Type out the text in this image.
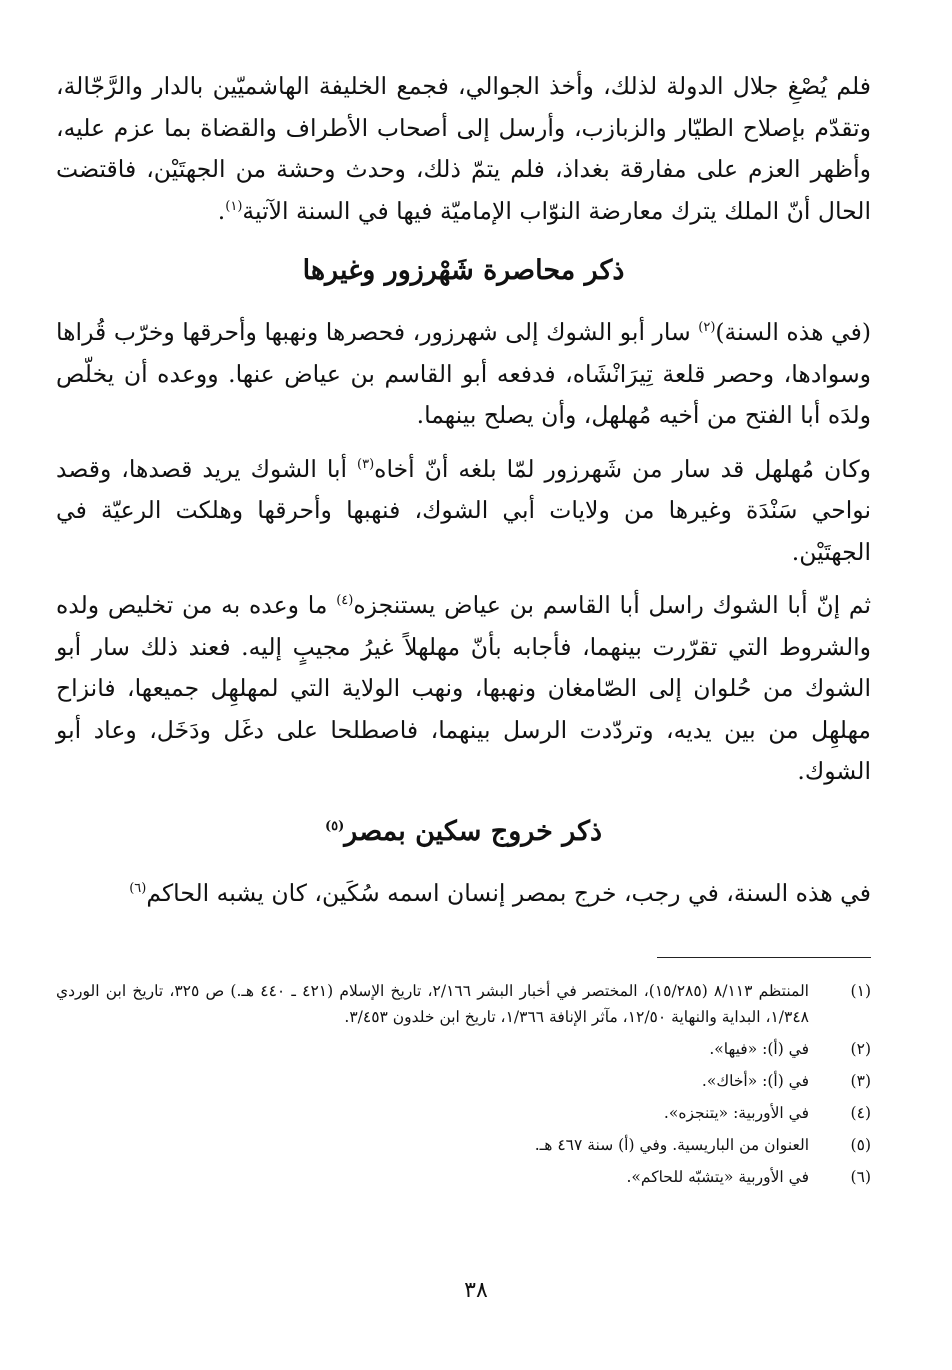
فلم يُصْغِ جلال الدولة لذلك، وأخذ الجوالي، فجمع الخليفة الهاشميّين بالدار والرَّجّالة، وتقدّم بإصلاح الطيّار والزبازب، وأرسل إلى أصحاب الأطراف والقضاة بما عزم عليه، وأظهر العزم على مفارقة بغداذ، فلم يتمّ ذلك، وحدث وحشة من الجهتَيْن، فاقتضت الحال أنّ الملك يترك معارضة النوّاب الإماميّة فيها في السنة الآتية$^{(١)}$.

ذكر محاصرة شَهْرزور وغيرها

(في هذه السنة)$^{(٢)}$ سار أبو الشوك إلى شهرزور، فحصرها ونهبها وأحرقها وخرّب قُراها وسوادها، وحصر قلعة تِيرَانْشَاه، فدفعه أبو القاسم بن عياض عنها. ووعده أن يخلّص ولدَه أبا الفتح من أخيه مُهلهل، وأن يصلح بينهما.

وكان مُهلهل قد سار من شَهرزور لمّا بلغه أنّ أخاه$^{(٣)}$ أبا الشوك يريد قصدها، وقصد نواحي سَنْدَة وغيرها من ولايات أبي الشوك، فنهبها وأحرقها وهلكت الرعيّة في الجهتَيْن.

ثم إنّ أبا الشوك راسل أبا القاسم بن عياض يستنجزه$^{(٤)}$ ما وعده به من تخليص ولده والشروط التي تقرّرت بينهما، فأجابه بأنّ مهلهلاً غيرُ مجيبٍ إليه. فعند ذلك سار أبو الشوك من حُلوان إلى الصّامغان ونهبها، ونهب الولاية التي لمهلهِل جميعها، فانزاح مهلهِل من بين يديه، وتردّدت الرسل بينهما، فاصطلحا على دغَل ودَخَل، وعاد أبو الشوك.

ذكر خروج سكين بمصر$^{(٥)}$

في هذه السنة، في رجب، خرج بمصر إنسان اسمه سُكَين، كان يشبه الحاكم$^{(٦)}$

(١)
المنتظم ٨/١١٣ (١٥/٢٨٥)، المختصر في أخبار البشر ٢/١٦٦، تاريخ الإسلام (٤٢١ ـ ٤٤٠ هـ.) ص ٣٢٥، تاريخ ابن الوردي ١/٣٤٨، البداية والنهاية ١٢/٥٠، مآثر الإنافة ١/٣٦٦، تاريخ ابن خلدون ٣/٤٥٣.
(٢)
في (أ): «فيها».
(٣)
في (أ): «أخاك».
(٤)
في الأوربية: «يتنجزه».
(٥)
العنوان من الباريسية. وفي (أ) سنة ٤٦٧ هـ.
(٦)
في الأوربية «يتشبّه للحاكم».
٣٨
